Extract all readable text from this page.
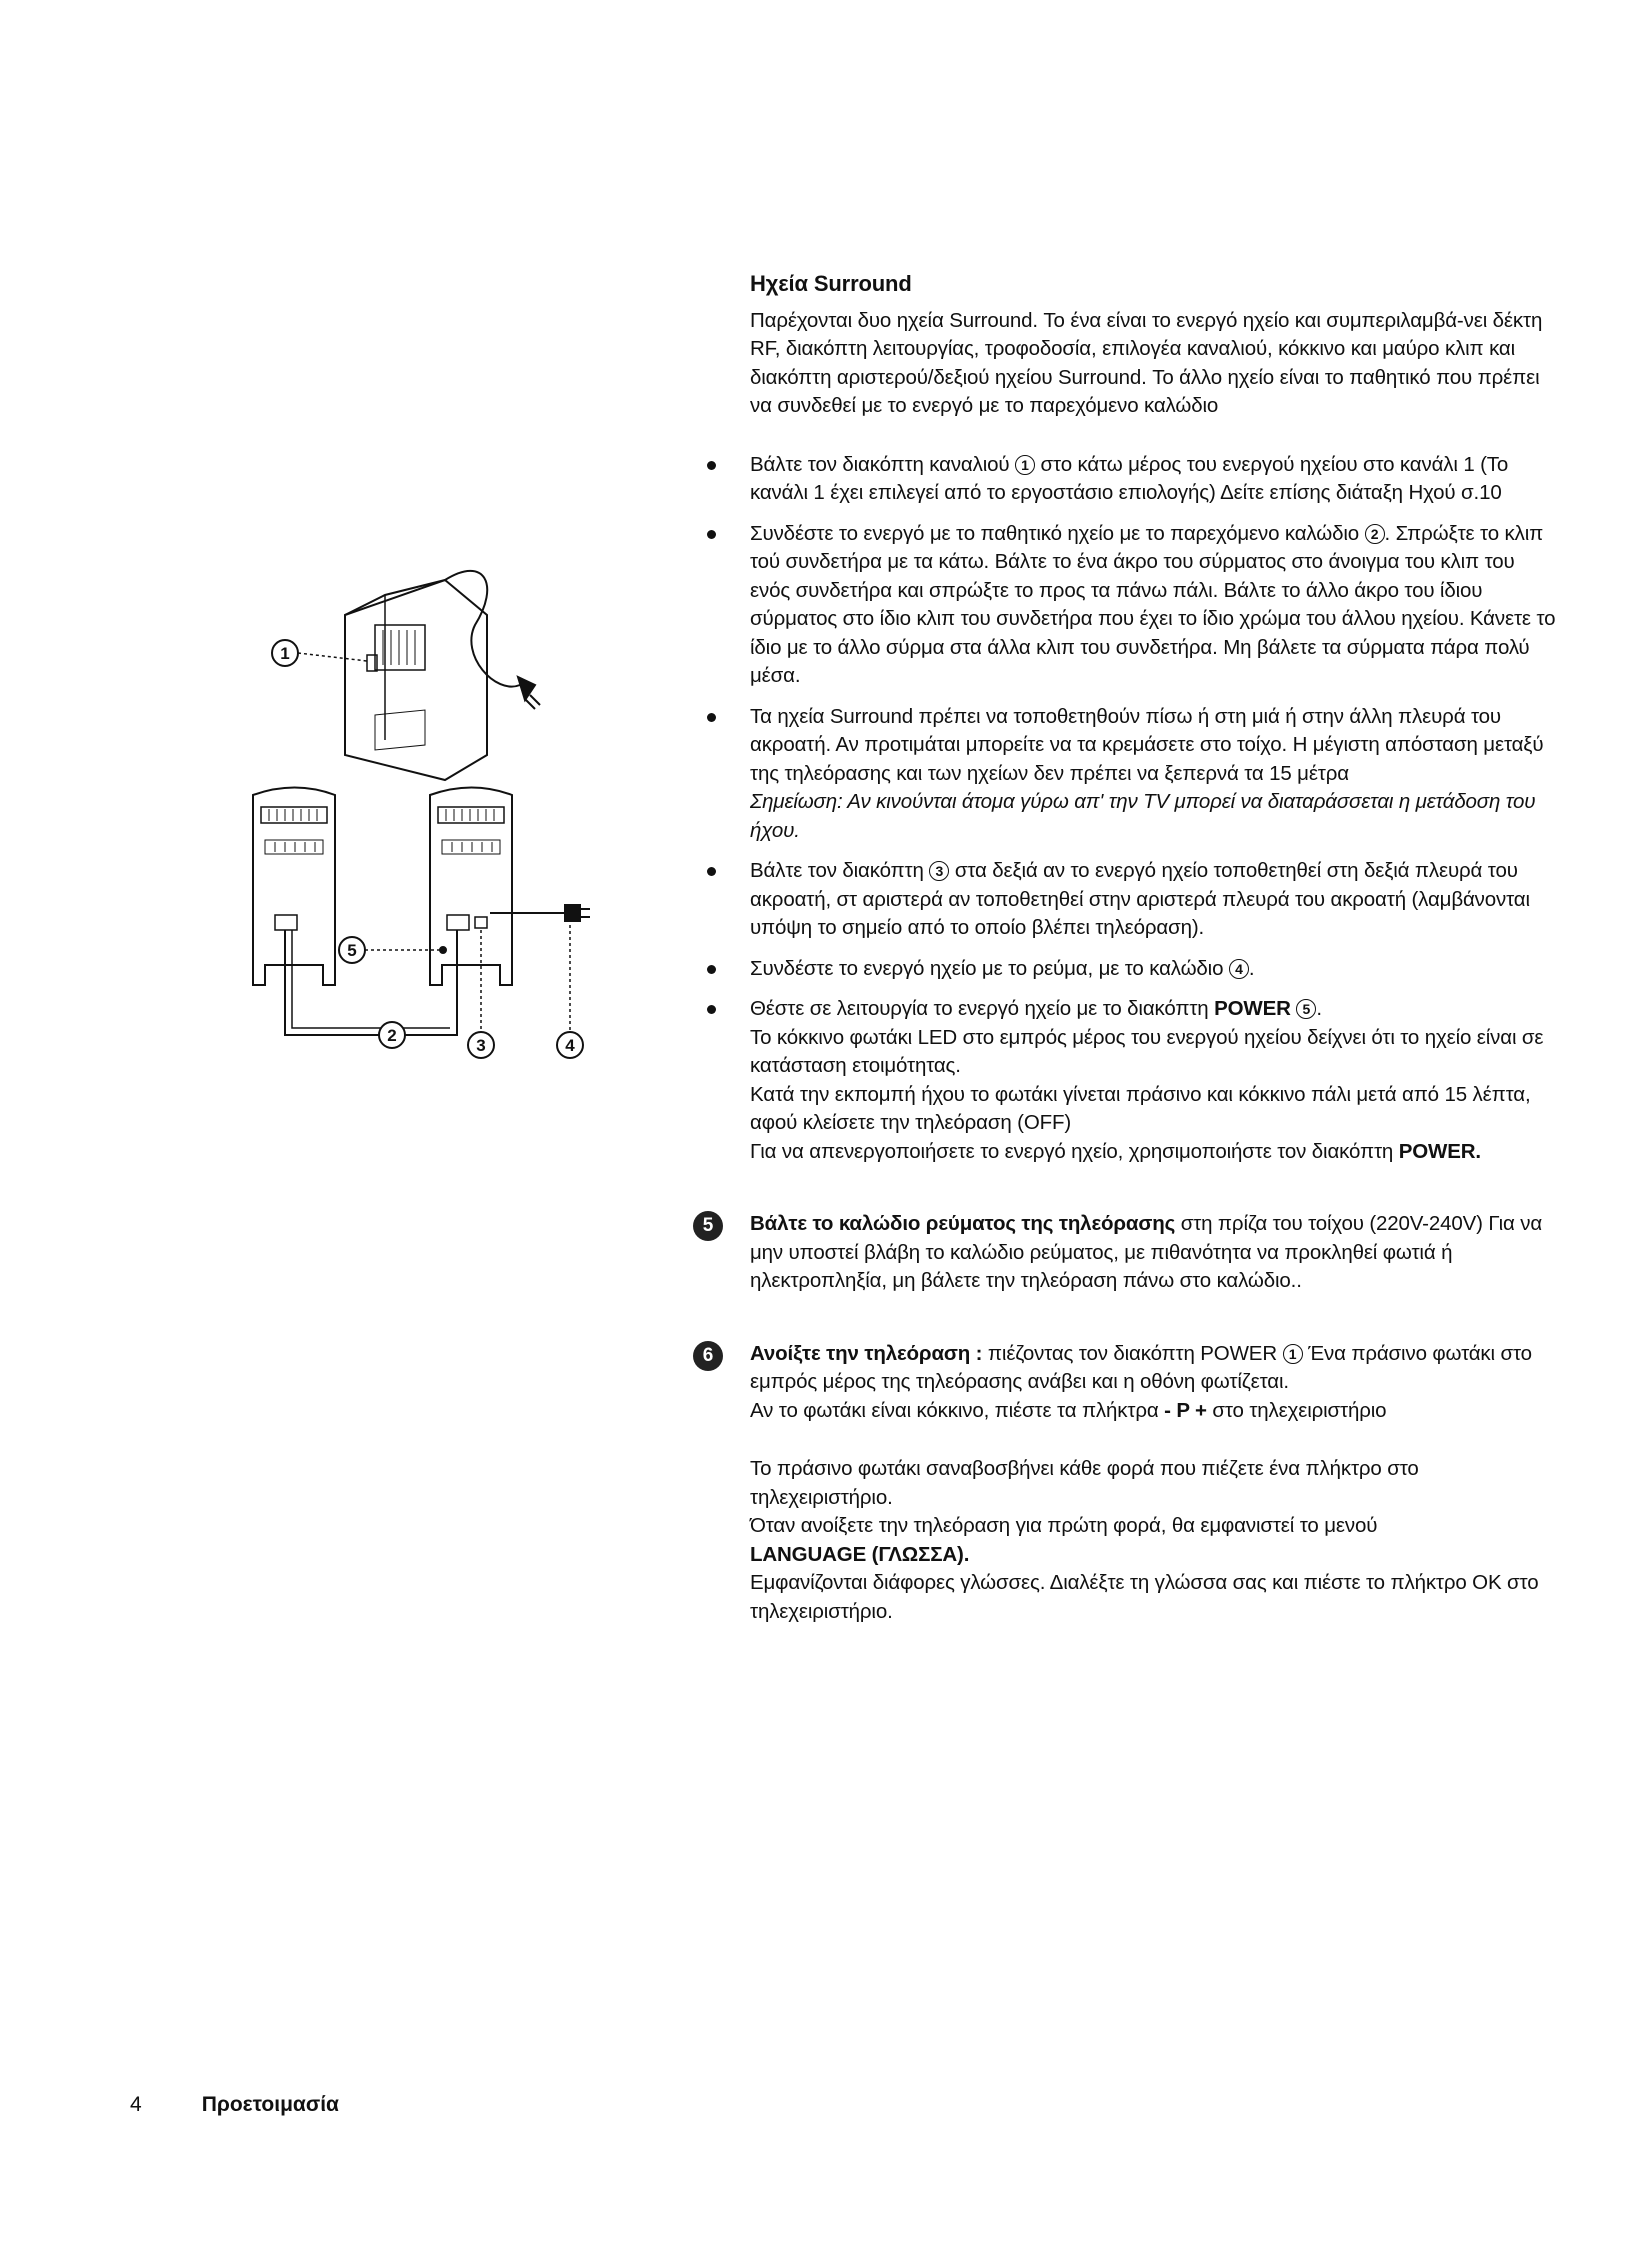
1
5
2
3	4
Ηχεία Surround

Παρέχονται δυο ηχεία Surround. Το ένα είναι το ενεργό ηχείο και συμπεριλαμβά-νει δέκτη RF, διακόπτη λειτουργίας, τροφοδοσία, επιλογέα καναλιού, κόκκινο και μαύρο κλιπ και διακόπτη αριστερού/δεξιού ηχείου Surround. Το άλλο ηχείο είναι το παθητικό που πρέπει να συνδεθεί με το ενεργό με το παρεχόμενο καλώδιο

Βάλτε τον διακόπτη καναλιού 1 στο κάτω μέρος του ενεργού ηχείου στο κανάλι 1 (Το κανάλι 1 έχει επιλεγεί από το εργοστάσιο επιολογής) Δείτε επίσης διάταξη Ηχού σ.10
Συνδέστε το ενεργό με το παθητικό ηχείο με το παρεχόμενο καλώδιο 2 . Σπρώξτε το κλιπ τού συνδετήρα με τα κάτω. Βάλτε το ένα άκρο του σύρματος στο άνοιγμα του κλιπ του ενός συνδετήρα και σπρώξτε το προς τα πάνω πάλι. Βάλτε το άλλο άκρο του ίδιου σύρματος στο ίδιο κλιπ του συνδετήρα που έχει το ίδιο χρώμα του άλλου ηχείου. Κάνετε το ίδιο με το άλλο σύρμα στα άλλα κλιπ του συνδετήρα. Μη βάλετε τα σύρματα πάρα πολύ μέσα.
Τα ηχεία Surround πρέπει να τοποθετηθούν πίσω ή στη μιά ή στην άλλη πλευρά του ακροατή. Αν προτιμάται μπορείτε να τα κρεμάσετε στο τοίχο. Η μέγιστη απόσταση μεταξύ της τηλεόρασης και των ηχείων δεν πρέπει να ξεπερνά τα 15 μέτρα
Σημείωση: Αν κινούνται άτομα γύρω απ' την TV μπορεί να διαταράσσεται η μετάδοση του ήχου.
Βάλτε τον διακόπτη 3 στα δεξιά αν το ενεργό ηχείο τοποθετηθεί στη δεξιά πλευρά του ακροατή, στ αριστερά αν τοποθετηθεί στην αριστερά πλευρά του ακροατή (λαμβάνονται υπόψη το σημείο από το οποίο βλέπει τηλεόραση).
Συνδέστε το ενεργό ηχείο με το ρεύμα, με το καλώδιο 4 .
Θέστε σε λειτουργία το ενεργό ηχείο με το διακόπτη POWER 5 .
Το κόκκινο φωτάκι LED στο εμπρός μέρος του ενεργού ηχείου δείχνει ότι το ηχείο είναι σε κατάσταση ετοιμότητας.
Κατά την εκπομπή ήχου το φωτάκι γίνεται πράσινο και κόκκινο πάλι μετά από 15 λέπτα, αφού κλείσετε την τηλεόραση (OFF)
Για να απενεργοποιήσετε το ενεργό ηχείο, χρησιμοποιήστε τον διακόπτη POWER.
5	Βάλτε το καλώδιο ρεύματος της τηλεόρασης στη πρίζα του τοίχου (220V-240V) Για να μην υποστεί βλάβη το καλώδιο ρεύματος, με πιθανότητα να προκληθεί φωτιά ή ηλεκτροπληξία, μη βάλετε την τηλεόραση πάνω στο καλώδιο..
6	Ανοίξτε την τηλεόραση : πιέζοντας τον διακόπτη POWER 1 Ένα πράσινο φωτάκι στο εμπρός μέρος της τηλεόρασης ανάβει και η οθόνη φωτίζεται.
Αν το φωτάκι είναι κόκκινο, πιέστε τα πλήκτρα - P + στο τηλεχειριστήριο
Το πράσινο φωτάκι σαναβοσβήνει κάθε φορά που πιέζετε ένα πλήκτρο στο τηλεχειριστήριο.
Όταν ανοίξετε την τηλεόραση για πρώτη φορά, θα εμφανιστεί το μενού
LANGUAGE (ΓΛΩΣΣΑ).
Εμφανίζονται διάφορες γλώσσες. Διαλέξτε τη γλώσσα σας και πιέστε το πλήκτρο ΟΚ στο τηλεχειριστήριο.
4	Προετοιμασία
